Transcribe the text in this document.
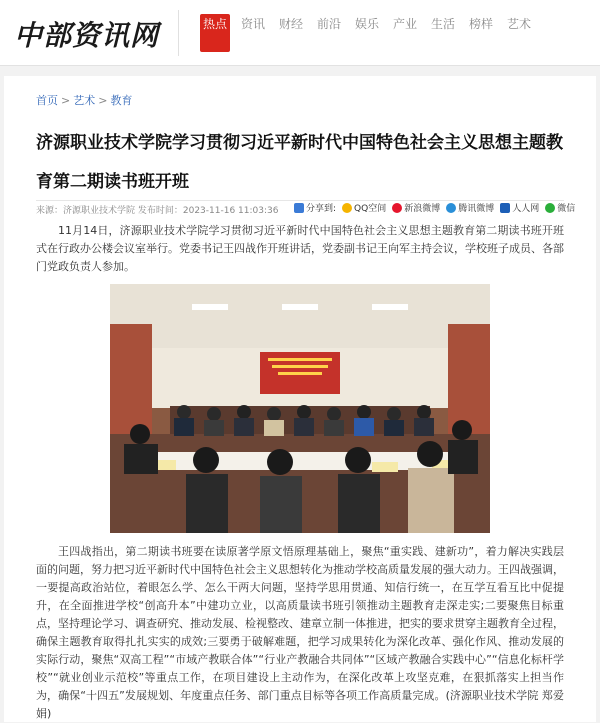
中部资讯网	热点 资讯 财经 前沿 娱乐 产业 生活 榜样 艺术
首页 > 艺术 > 教育
济源职业技术学院学习贯彻习近平新时代中国特色社会主义思想主题教育第二期读书班开班
来源：济源职业技术学院 发布时间：2023-11-16 11:03:36	分享到: QQ空间 新浪微博 腾讯微博 人人网 微信

11月14日，济源职业技术学院学习贯彻习近平新时代中国特色社会主义思想主题教育第二期读书班开班式在行政办公楼会议室举行。党委书记王四战作开班讲话，党委副书记王向军主持会议，学校班子成员、各部门党政负责人参加。

王四战指出，第二期读书班要在读原著学原文悟原理基础上，聚焦“重实践、建新功”，着力解决实践层面的问题，努力把习近平新时代中国特色社会主义思想转化为推动学校高质量发展的强大动力。王四战强调，一要提高政治站位，着眼怎么学、怎么干两大问题，坚持学思用贯通、知信行统一，在互学互看互比中促提升，在全面推进学校“创高升本”中建功立业，以高质量读书班引领推动主题教育走深走实;二要聚焦目标重点，坚持理论学习、调查研究、推动发展、检视整改、建章立制一体推进，把实的要求贯穿主题教育全过程，确保主题教育取得扎扎实实的成效;三要勇于破解难题，把学习成果转化为深化改革、强化作风、推动发展的实际行动，聚焦“双高工程”“市域产教联合体”“行业产教融合共同体”“区域产教融合实践中心”“信息化标杆学校”“就业创业示范校”等重点工作，在项目建设上主动作为，在深化改革上攻坚克难，在狠抓落实上担当作为，确保“十四五”发展规划、年度重点任务、部门重点目标等各项工作高质量完成。(济源职业技术学院 郑爱娟)
